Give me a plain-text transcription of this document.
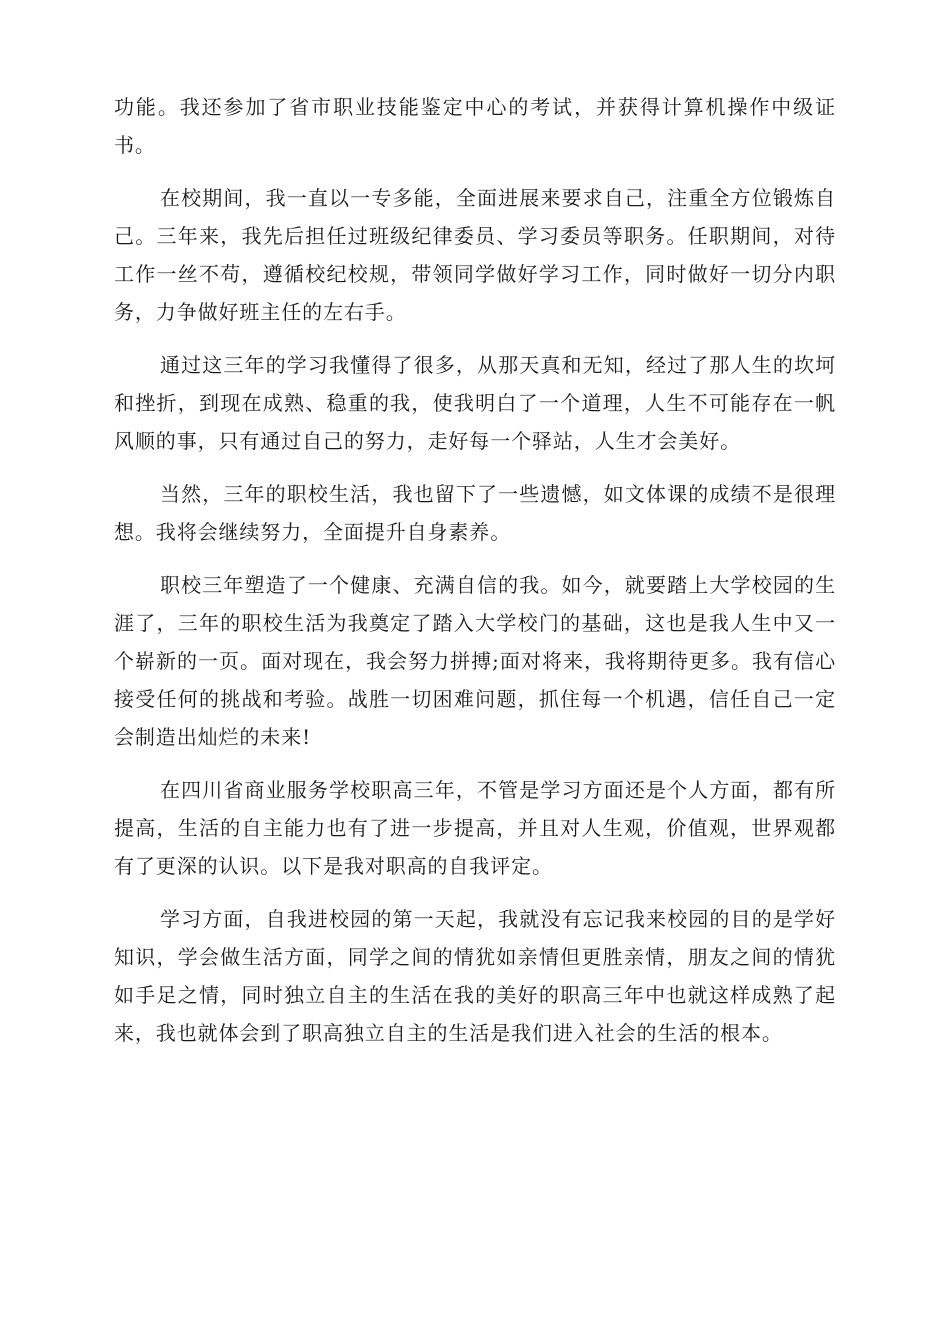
功能。我还参加了省市职业技能鉴定中心的考试，并获得计算机操作中级证书。

在校期间，我一直以一专多能，全面进展来要求自己，注重全方位锻炼自己。三年来，我先后担任过班级纪律委员、学习委员等职务。任职期间，对待工作一丝不苟，遵循校纪校规，带领同学做好学习工作，同时做好一切分内职务，力争做好班主任的左右手。

通过这三年的学习我懂得了很多，从那天真和无知，经过了那人生的坎坷和挫折，到现在成熟、稳重的我，使我明白了一个道理，人生不可能存在一帆风顺的事，只有通过自己的努力，走好每一个驿站，人生才会美好。

当然，三年的职校生活，我也留下了一些遗憾，如文体课的成绩不是很理想。我将会继续努力，全面提升自身素养。

职校三年塑造了一个健康、充满自信的我。如今，就要踏上大学校园的生涯了，三年的职校生活为我奠定了踏入大学校门的基础，这也是我人生中又一个崭新的一页。面对现在，我会努力拼搏;面对将来，我将期待更多。我有信心接受任何的挑战和考验。战胜一切困难问题，抓住每一个机遇，信任自己一定会制造出灿烂的未来!

在四川省商业服务学校职高三年，不管是学习方面还是个人方面，都有所提高，生活的自主能力也有了进一步提高，并且对人生观，价值观，世界观都有了更深的认识。以下是我对职高的自我评定。

学习方面，自我进校园的第一天起，我就没有忘记我来校园的目的是学好知识，学会做生活方面，同学之间的情犹如亲情但更胜亲情，朋友之间的情犹如手足之情，同时独立自主的生活在我的美好的职高三年中也就这样成熟了起来，我也就体会到了职高独立自主的生活是我们进入社会的生活的根本。
